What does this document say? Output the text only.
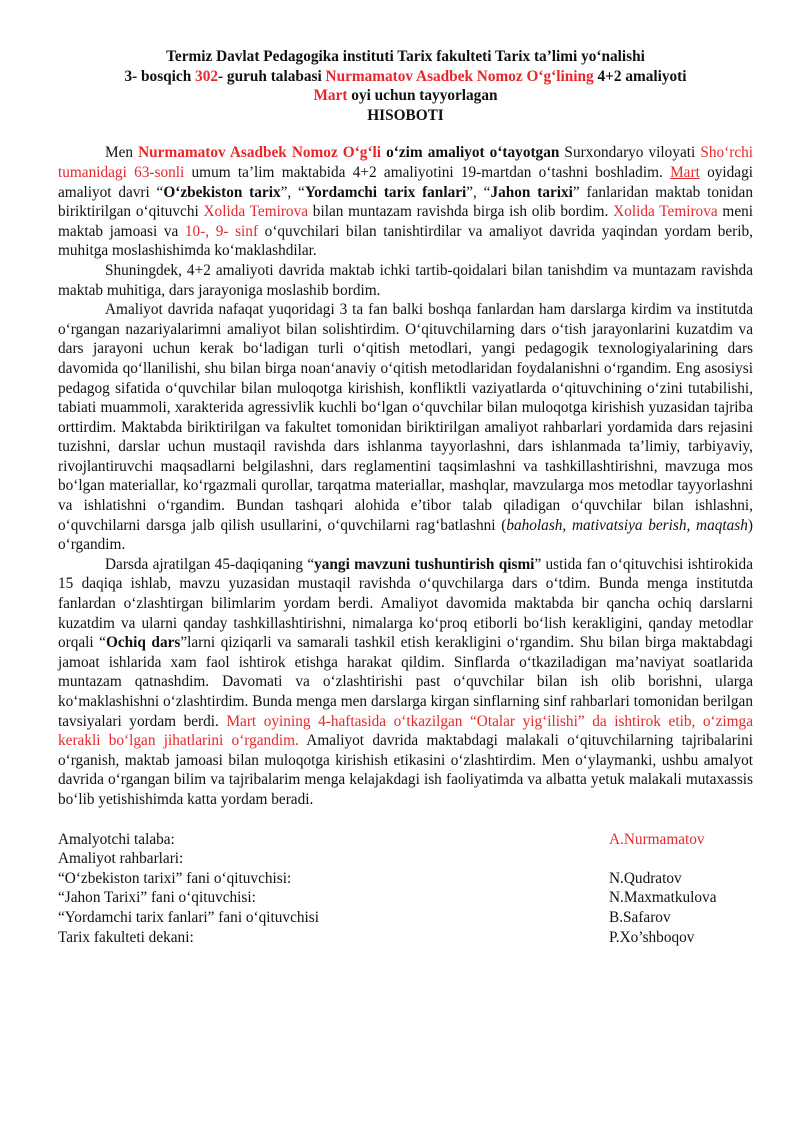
Termiz Davlat Pedagogika instituti Tarix fakulteti Tarix ta’limi yo‘nalishi
3- bosqich 302- guruh talabasi Nurmamatov Asadbek Nomoz O‘g‘lining 4+2 amaliyoti
Mart oyi uchun tayyorlagan
HISOBOTI

Men Nurmamatov Asadbek Nomoz O‘g‘li o‘zim amaliyot o‘tayotgan Surxondaryo viloyati Sho‘rchi tumanidagi 63-sonli umum ta’lim maktabida 4+2 amaliyotini 19-martdan o‘tashni boshladim. Mart oyidagi amaliyot davri “O‘zbekiston tarix”, “Yordamchi tarix fanlari”, “Jahon tarixi” fanlaridan maktab tonidan biriktirilgan o‘qituvchi Xolida Temirova bilan muntazam ravishda birga ish olib bordim. Xolida Temirova meni maktab jamoasi va 10-, 9- sinf o‘quvchilari bilan tanishtirdilar va amaliyot davrida yaqindan yordam berib, muhitga moslashishimda ko‘maklashdilar.

Shuningdek, 4+2 amaliyoti davrida maktab ichki tartib-qoidalari bilan tanishdim va muntazam ravishda maktab muhitiga, dars jarayoniga moslashib bordim.

Amaliyot davrida nafaqat yuqoridagi 3 ta fan balki boshqa fanlardan ham darslarga kirdim va institutda o‘rgangan nazariyalarimni amaliyot bilan solishtirdim. O‘qituvchilarning dars o‘tish jarayonlarini kuzatdim va dars jarayoni uchun kerak bo‘ladigan turli o‘qitish metodlari, yangi pedagogik texnologiyalarining dars davomida qo‘llanilishi, shu bilan birga noan‘anaviy o‘qitish metodlaridan foydalanishni o‘rgandim. Eng asosiysi pedagog sifatida o‘quvchilar bilan muloqotga kirishish, konfliktli vaziyatlarda o‘qituvchining o‘zini tutabilishi, tabiati muammoli, xarakterida agressivlik kuchli bo‘lgan o‘quvchilar bilan muloqotga kirishish yuzasidan tajriba orttirdim. Maktabda biriktirilgan va fakultet tomonidan biriktirilgan amaliyot rahbarlari yordamida dars rejasini tuzishni, darslar uchun mustaqil ravishda dars ishlanma tayyorlashni, dars ishlanmada ta’limiy, tarbiyaviy, rivojlantiruvchi maqsadlarni belgilashni, dars reglamentini taqsimlashni va tashkillashtirishni, mavzuga mos bo‘lgan materiallar, ko‘rgazmali qurollar, tarqatma materiallar, mashqlar, mavzularga mos metodlar tayyorlashni va ishlatishni o‘rgandim. Bundan tashqari alohida e’tibor talab qiladigan o‘quvchilar bilan ishlashni, o‘quvchilarni darsga jalb qilish usullarini, o‘quvchilarni rag‘batlashni (baholash, mativatsiya berish, maqtash) o‘rgandim.

Darsda ajratilgan 45-daqiqaning “yangi mavzuni tushuntirish qismi” ustida fan o‘qituvchisi ishtirokida 15 daqiqa ishlab, mavzu yuzasidan mustaqil ravishda o‘quvchilarga dars o‘tdim. Bunda menga institutda fanlardan o‘zlashtirgan bilimlarim yordam berdi. Amaliyot davomida maktabda bir qancha ochiq darslarni kuzatdim va ularni qanday tashkillashtirishni, nimalarga ko‘proq etiborli bo‘lish kerakligini, qanday metodlar orqali “Ochiq dars”larni qiziqarli va samarali tashkil etish kerakligini o‘rgandim. Shu bilan birga maktabdagi jamoat ishlarida xam faol ishtirok etishga harakat qildim. Sinflarda o‘tkaziladigan ma’naviyat soatlarida muntazam qatnashdim. Davomati va o‘zlashtirishi past o‘quvchilar bilan ish olib borishni, ularga ko‘maklashishni o‘zlashtirdim. Bunda menga men darslarga kirgan sinflarning sinf rahbarlari tomonidan berilgan tavsiyalari yordam berdi. Mart oyining 4-haftasida o‘tkazilgan “Otalar yig‘ilishi” da ishtirok etib, o‘zimga kerakli bo‘lgan jihatlarini o‘rgandim. Amaliyot davrida maktabdagi malakali o‘qituvchilarning tajribalarini o‘rganish, maktab jamoasi bilan muloqotga kirishish etikasini o‘zlashtirdim. Men o‘ylaymanki, ushbu amalyot davrida o‘rgangan bilim va tajribalarim menga kelajakdagi ish faoliyatimda va albatta yetuk malakali mutaxassis bo‘lib yetishishimda katta yordam beradi.

Amalyotchi talaba:	A.Nurmamatov
Amaliyot rahbarlari:
“O‘zbekiston tarixi” fani o‘qituvchisi:	N.Qudratov
“Jahon Tarixi” fani o‘qituvchisi:	N.Maxmatkulova
“Yordamchi tarix fanlari” fani o‘qituvchisi	B.Safarov
Tarix fakulteti dekani:	P.Xo’shboqov
